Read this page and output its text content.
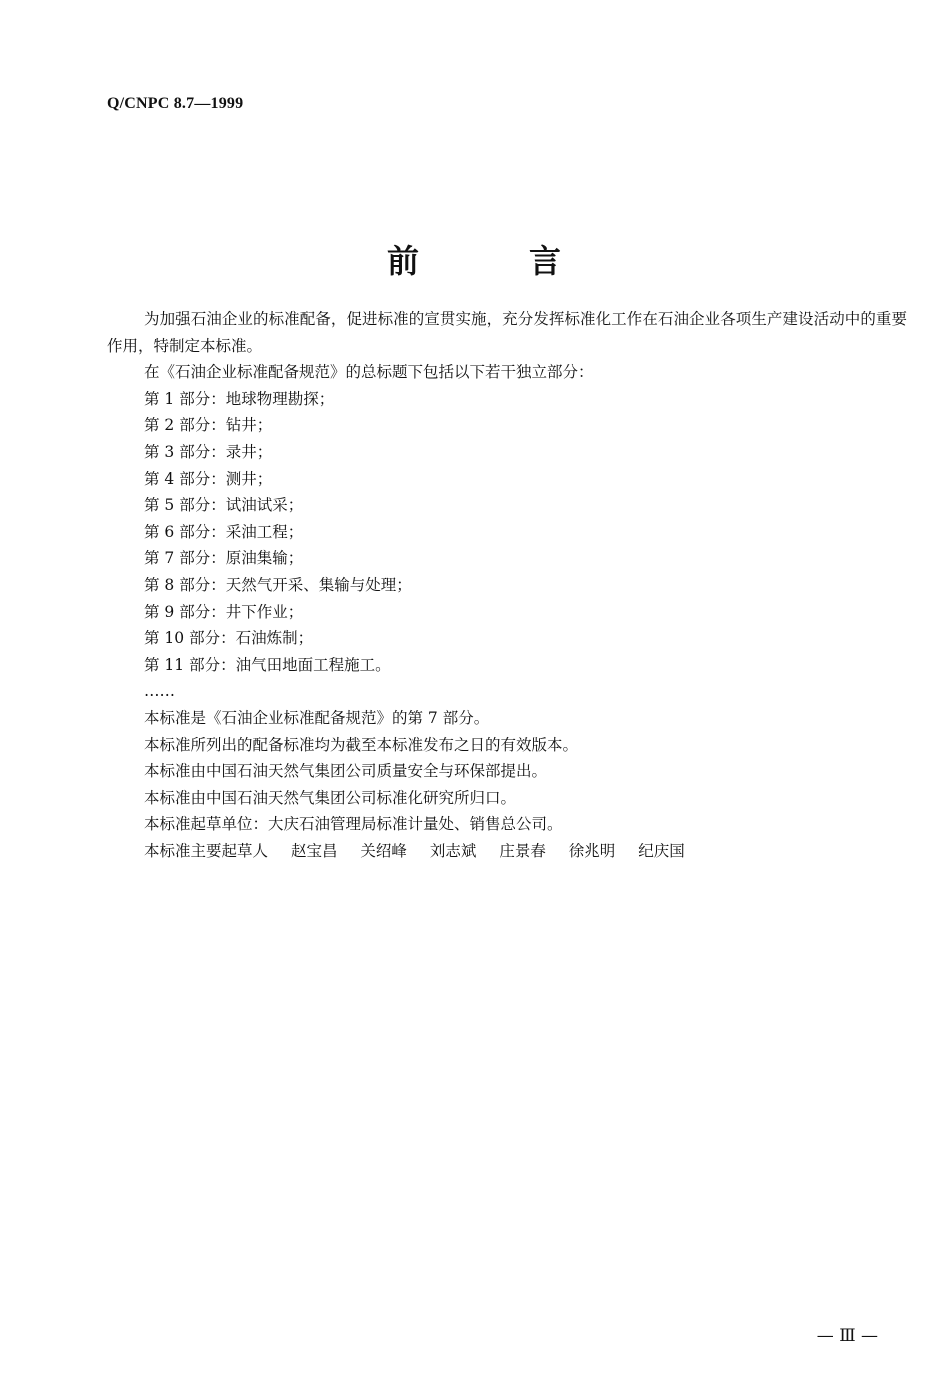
Q/CNPC 8.7—1999
前	言

为加强石油企业的标准配备，促进标准的宣贯实施，充分发挥标准化工作在石油企业各项生产建设活动中的重要作用，特制定本标准。

在《石油企业标准配备规范》的总标题下包括以下若干独立部分：

第 1 部分：地球物理勘探；

第 2 部分：钻井；

第 3 部分：录井；

第 4 部分：测井；

第 5 部分：试油试采；

第 6 部分：采油工程；

第 7 部分：原油集输；

第 8 部分：天然气开采、集输与处理；

第 9 部分：井下作业；

第 10 部分：石油炼制；

第 11 部分：油气田地面工程施工。

……

本标准是《石油企业标准配备规范》的第 7 部分。

本标准所列出的配备标准均为截至本标准发布之日的有效版本。

本标准由中国石油天然气集团公司质量安全与环保部提出。

本标准由中国石油天然气集团公司标准化研究所归口。

本标准起草单位：大庆石油管理局标准计量处、销售总公司。

本标准主要起草人 赵宝昌 关绍峰 刘志斌 庄景春 徐兆明 纪庆国

— Ⅲ —
